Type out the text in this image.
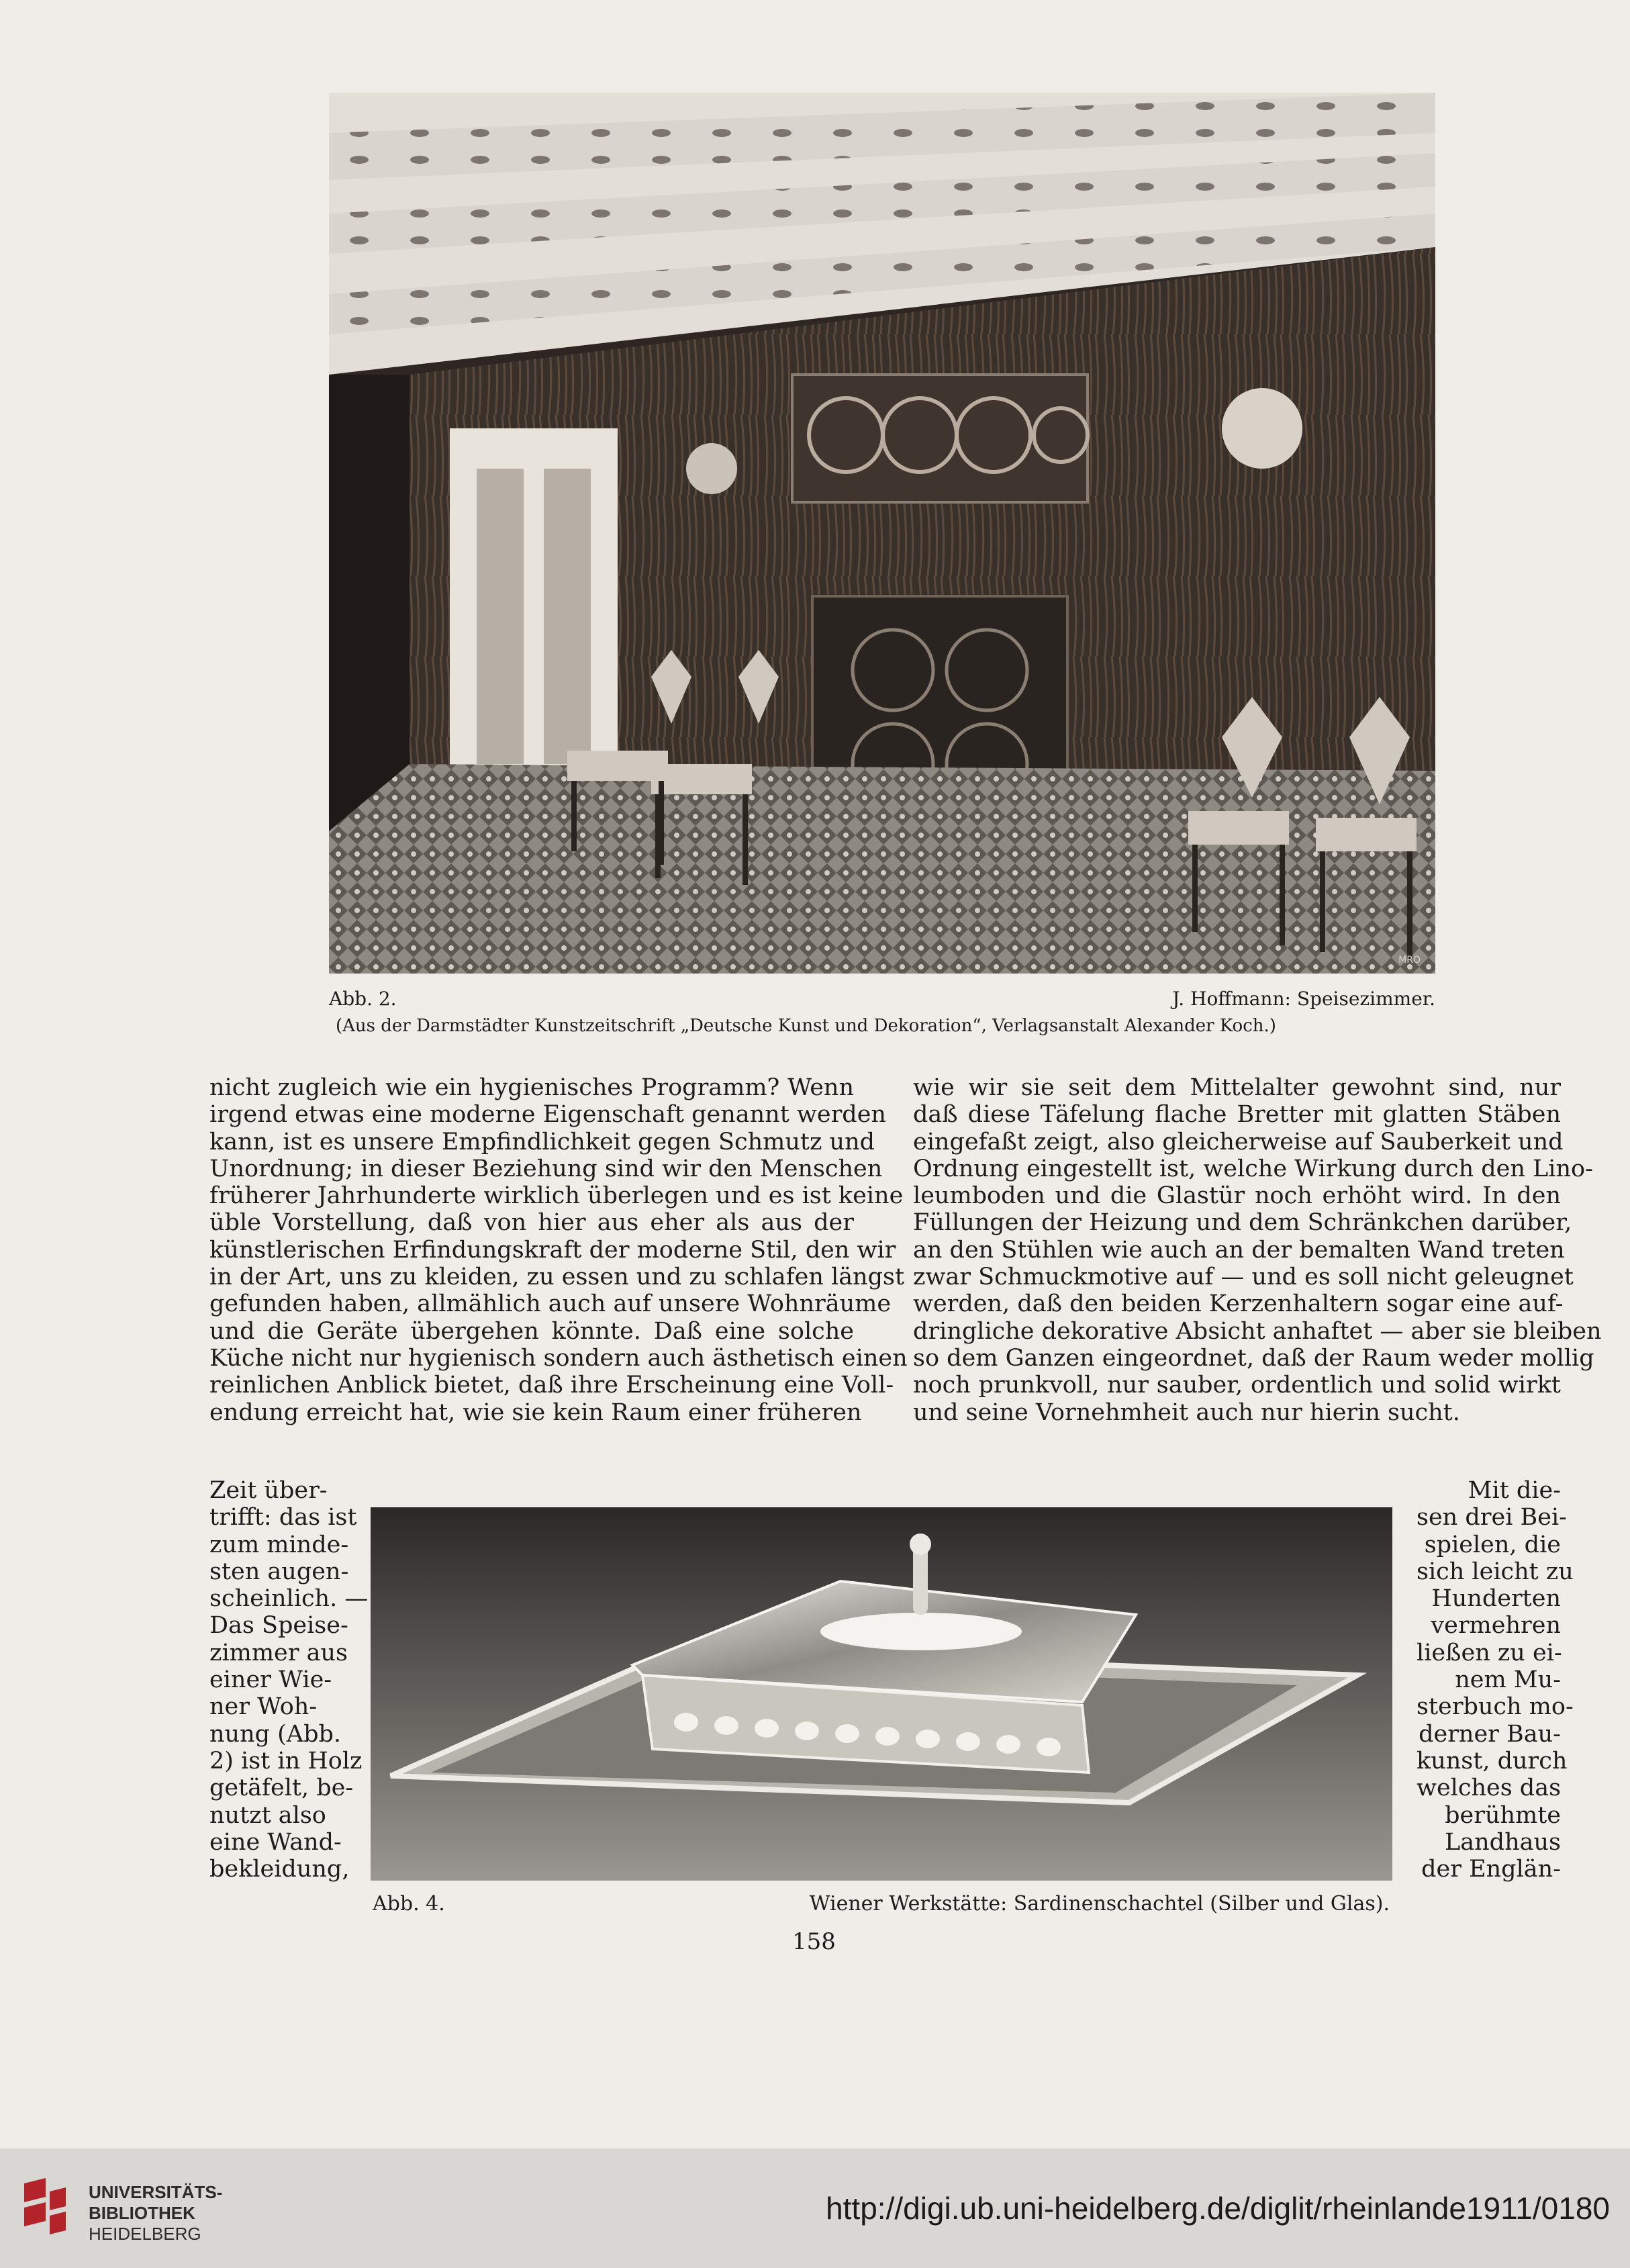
MRO
Abb. 2.	J. Hoffmann: Speisezimmer.
(Aus der Darmstädter Kunstzeitschrift „Deutsche Kunst und Dekoration“, Verlagsanstalt Alexander Koch.)
nicht zugleich wie ein hygienisches Programm? Wenn
irgend etwas eine moderne Eigenschaft genannt werden
kann, ist es unsere Empfindlichkeit gegen Schmutz und
Unordnung; in dieser Beziehung sind wir den Menschen
früherer Jahrhunderte wirklich überlegen und es ist keine
üble Vorstellung, daß von hier aus eher als aus der
künstlerischen Erfindungskraft der moderne Stil, den wir
in der Art, uns zu kleiden, zu essen und zu schlafen längst
gefunden haben, allmählich auch auf unsere Wohnräume
und die Geräte übergehen könnte. Daß eine solche
Küche nicht nur hygienisch sondern auch ästhetisch einen
reinlichen Anblick bietet, daß ihre Erscheinung eine Voll-
endung erreicht hat, wie sie kein Raum einer früheren
wie wir sie seit dem Mittelalter gewohnt sind, nur
daß diese Täfelung flache Bretter mit glatten Stäben
eingefaßt zeigt, also gleicherweise auf Sauberkeit und
Ordnung eingestellt ist, welche Wirkung durch den Lino-
leumboden und die Glastür noch erhöht wird. In den
Füllungen der Heizung und dem Schränkchen darüber,
an den Stühlen wie auch an der bemalten Wand treten
zwar Schmuckmotive auf — und es soll nicht geleugnet
werden, daß den beiden Kerzenhaltern sogar eine auf-
dringliche dekorative Absicht anhaftet — aber sie bleiben
so dem Ganzen eingeordnet, daß der Raum weder mollig
noch prunkvoll, nur sauber, ordentlich und solid wirkt
und seine Vornehmheit auch nur hierin sucht.
Zeit über-
trifft: das ist
zum minde-
sten augen-
scheinlich. —
Das Speise-
zimmer aus
einer Wie-
ner Woh-
nung (Abb.
2) ist in Holz
getäfelt, be-
nutzt also
eine Wand-
bekleidung,
Mit die-
sen drei Bei-
spielen, die
sich leicht zu
Hunderten
vermehren
ließen zu ei-
nem Mu-
sterbuch mo-
derner Bau-
kunst, durch
welches das
berühmte
Landhaus
der Englän-
Abb. 4.	Wiener Werkstätte: Sardinenschachtel (Silber und Glas).
158
UNIVERSITÄTS-
BIBLIOTHEK
HEIDELBERG
http://digi.ub.uni-heidelberg.de/diglit/rheinlande1911/0180
